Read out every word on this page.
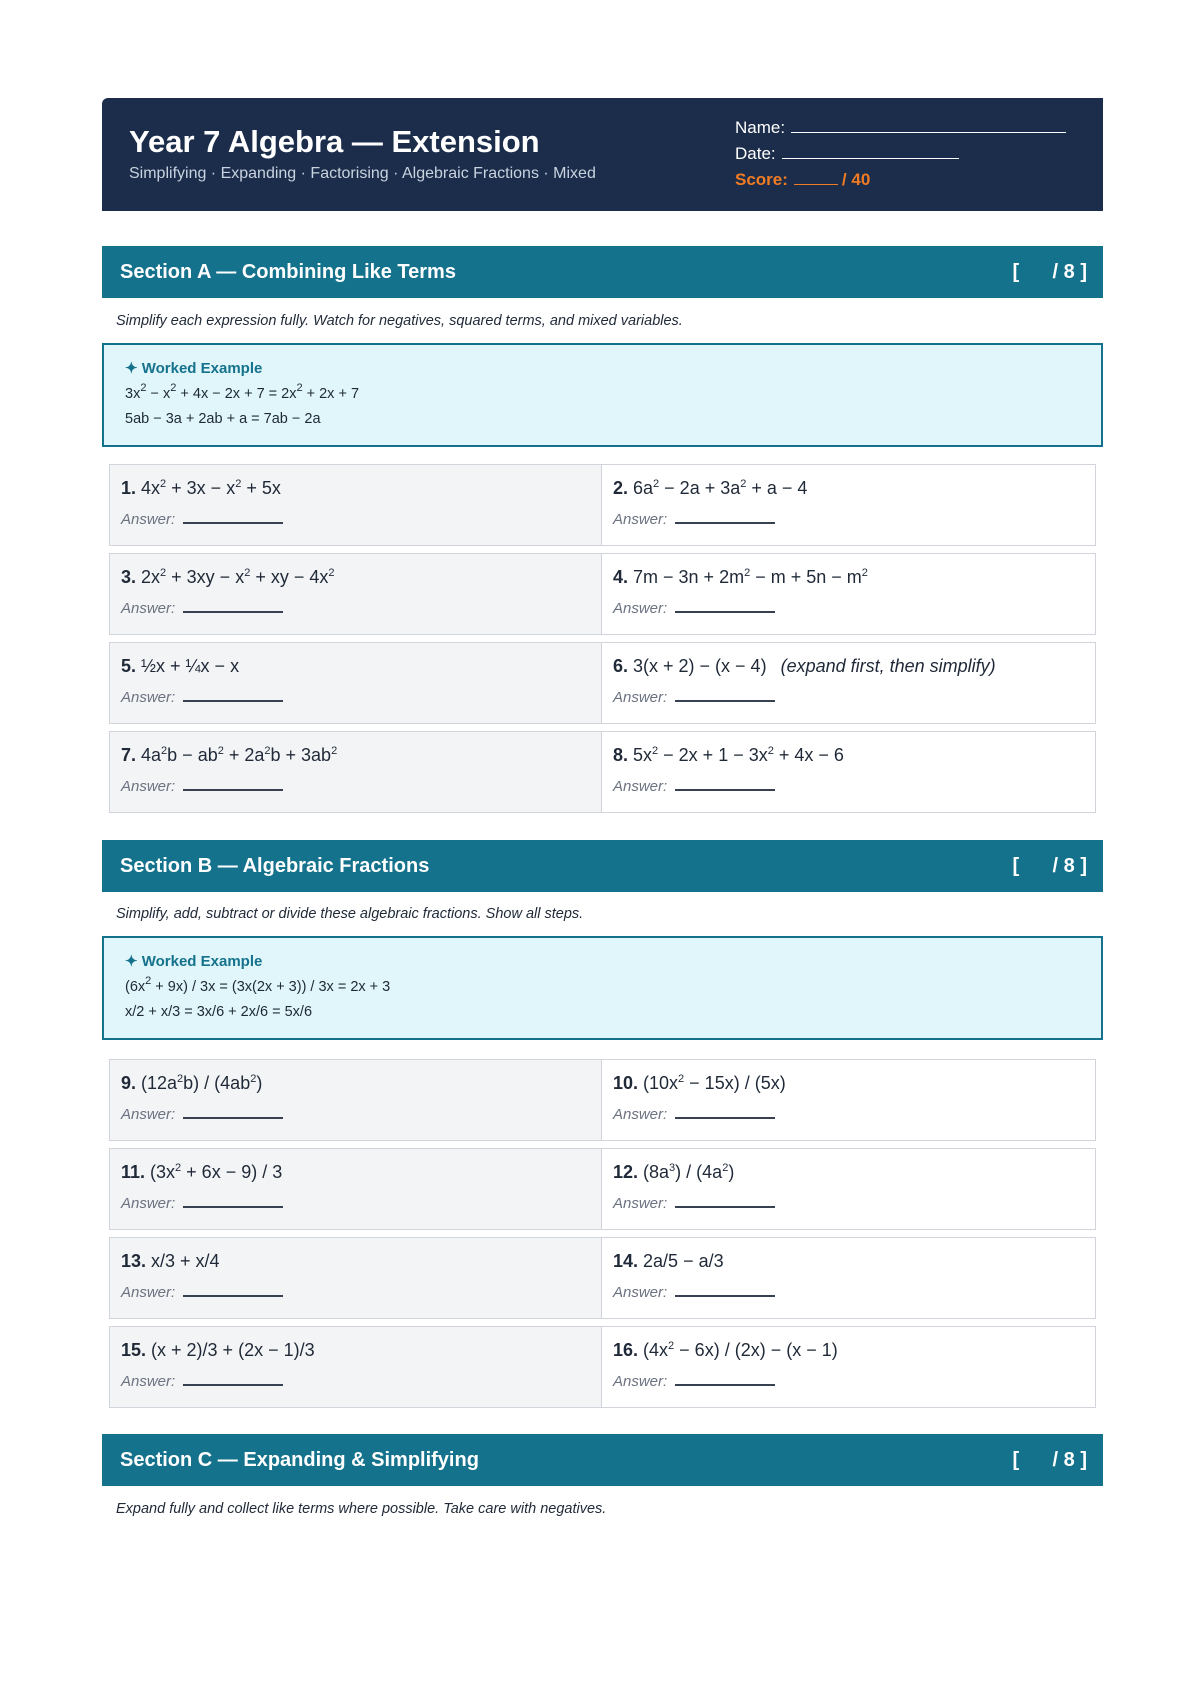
Year 7 Algebra — Extension
Simplifying · Expanding · Factorising · Algebraic Fractions · Mixed
Name:
Date:
Score:	/ 40
Section A — Combining Like Terms	[      / 8 ]
Simplify each expression fully. Watch for negatives, squared terms, and mixed variables.
✦ Worked Example
$3x^2 - x^2 + 4x - 2x + 7 = 2x^2 + 2x + 7$
5ab − 3a + 2ab + a = 7ab − 2a
1. $4x^2 + 3x - x^2 + 5x$
Answer:
2. $6a^2 - 2a + 3a^2 + a - 4$
Answer:
3. $2x^2 + 3xy - x^2$ + xy − $4x^2$
Answer:
4. $7m - 3n + 2m^2 - m + 5n - m^2$
Answer:
5. ½x + ¼x − x
Answer:
6. 3(x + 2) − (x − 4) (expand first, then simplify)
Answer:
7. $4a^2b - ab^2 + 2a^2b + 3ab^2$
Answer:
8. $5x^2 - 2x + 1 - 3x^2 + 4x - 6$
Answer:
Section B — Algebraic Fractions	[      / 8 ]
Simplify, add, subtract or divide these algebraic fractions. Show all steps.
✦ Worked Example
$(6x^2 + 9x) / 3x = (3x(2x + 3)) / 3x = 2x + 3$
x/2 + x/3 = 3x/6 + 2x/6 = 5x/6
9. $(12a^2b) / (4ab^2)$
Answer:
10. $(10x^2 - 15x) / (5x)$
Answer:
11. $(3x^2 + 6x - 9) / 3$
Answer:
12. $(8a^3) / (4a^2)$
Answer:
13. x/3 + x/4
Answer:
14. 2a/5 − a/3
Answer:
15. (x + 2)/3 + (2x − 1)/3
Answer:
16. $(4x^2 - 6x) / (2x) - (x - 1)$
Answer:
Section C — Expanding & Simplifying	[      / 8 ]
Expand fully and collect like terms where possible. Take care with negatives.
